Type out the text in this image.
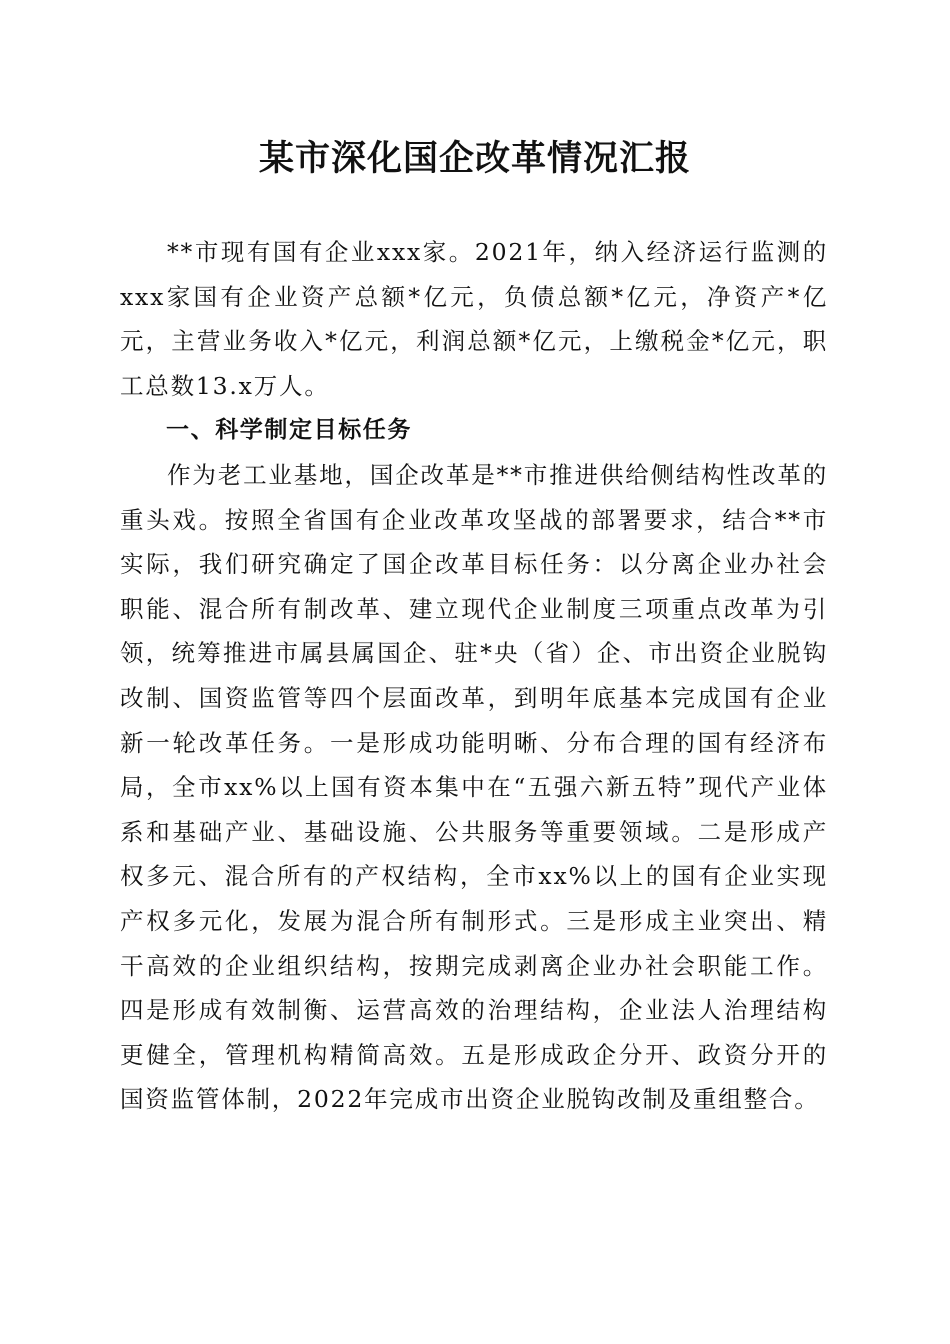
某市深化国企改革情况汇报

**市现有国有企业xxx家。2021年，纳入经济运行监测的xxx家国有企业资产总额*亿元，负债总额*亿元，净资产*亿元，主营业务收入*亿元，利润总额*亿元，上缴税金*亿元，职工总数13.x万人。

一、科学制定目标任务

作为老工业基地，国企改革是**市推进供给侧结构性改革的重头戏。按照全省国有企业改革攻坚战的部署要求，结合**市实际，我们研究确定了国企改革目标任务：以分离企业办社会职能、混合所有制改革、建立现代企业制度三项重点改革为引领，统筹推进市属县属国企、驻*央（省）企、市出资企业脱钩改制、国资监管等四个层面改革，到明年底基本完成国有企业新一轮改革任务。一是形成功能明晰、分布合理的国有经济布局，全市xx%以上国有资本集中在“五强六新五特”现代产业体系和基础产业、基础设施、公共服务等重要领域。二是形成产权多元、混合所有的产权结构，全市xx%以上的国有企业实现产权多元化，发展为混合所有制形式。三是形成主业突出、精干高效的企业组织结构，按期完成剥离企业办社会职能工作。四是形成有效制衡、运营高效的治理结构，企业法人治理结构更健全，管理机构精简高效。五是形成政企分开、政资分开的国资监管体制，2022年完成市出资企业脱钩改制及重组整合。
